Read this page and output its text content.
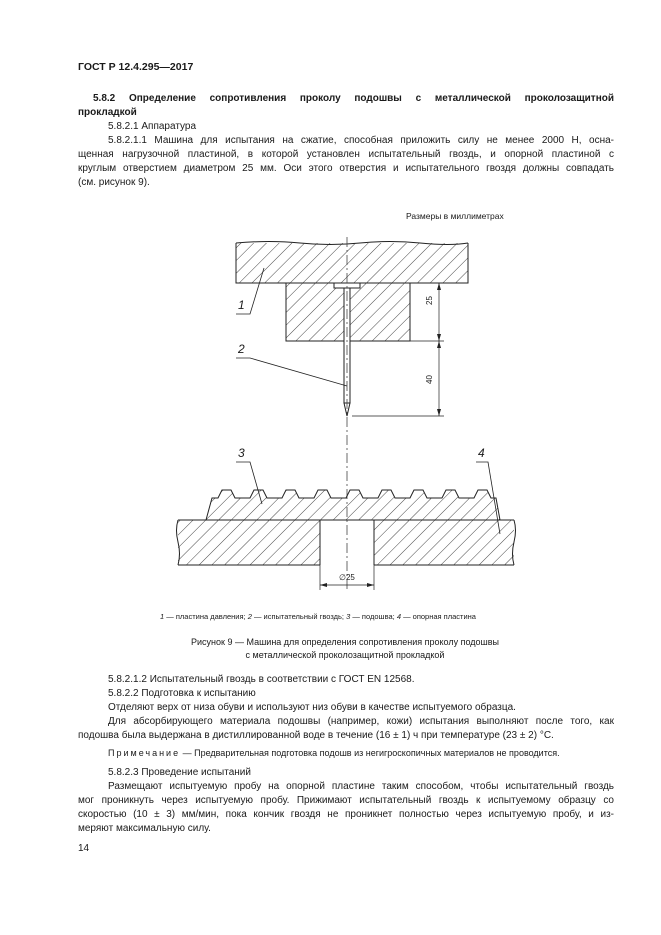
ГОСТ Р 12.4.295—2017
5.8.2 Определение сопротивления проколу подошвы с металлической проколозащитной
прокладкой
5.8.2.1 Аппаратура
5.8.2.1.1 Машина для испытания на сжатие, способная приложить силу не менее 2000 Н, осна-
щенная нагрузочной пластиной, в которой установлен испытательный гвоздь, и опорной пластиной с
круглым отверстием диаметром 25 мм. Оси этого отверстия и испытательного гвоздя должны совпадать
(см. рисунок 9).
Размеры в миллиметрах
1
2
3	4
25
40
∅25
1 — пластина давления; 2 — испытательный гвоздь; 3 — подошва; 4 — опорная пластина
Рисунок 9 — Машина для определения сопротивления проколу подошвы
с металлической проколозащитной прокладкой
5.8.2.1.2 Испытательный гвоздь в соответствии с ГОСТ EN 12568.
5.8.2.2 Подготовка к испытанию
Отделяют верх от низа обуви и используют низ обуви в качестве испытуемого образца.
Для абсорбирующего материала подошвы (например, кожи) испытания выполняют после того, как
подошва была выдержана в дистиллированной воде в течение (16 ± 1) ч при температуре (23 ± 2) °С.
Примечание — Предварительная подготовка подошв из негигроскопичных материалов не проводится.
5.8.2.3 Проведение испытаний
Размещают испытуемую пробу на опорной пластине таким способом, чтобы испытательный гвоздь
мог проникнуть через испытуемую пробу. Прижимают испытательный гвоздь к испытуемому образцу со
скоростью (10 ± 3) мм/мин, пока кончик гвоздя не проникнет полностью через испытуемую пробу, и из-
меряют максимальную силу.
14
